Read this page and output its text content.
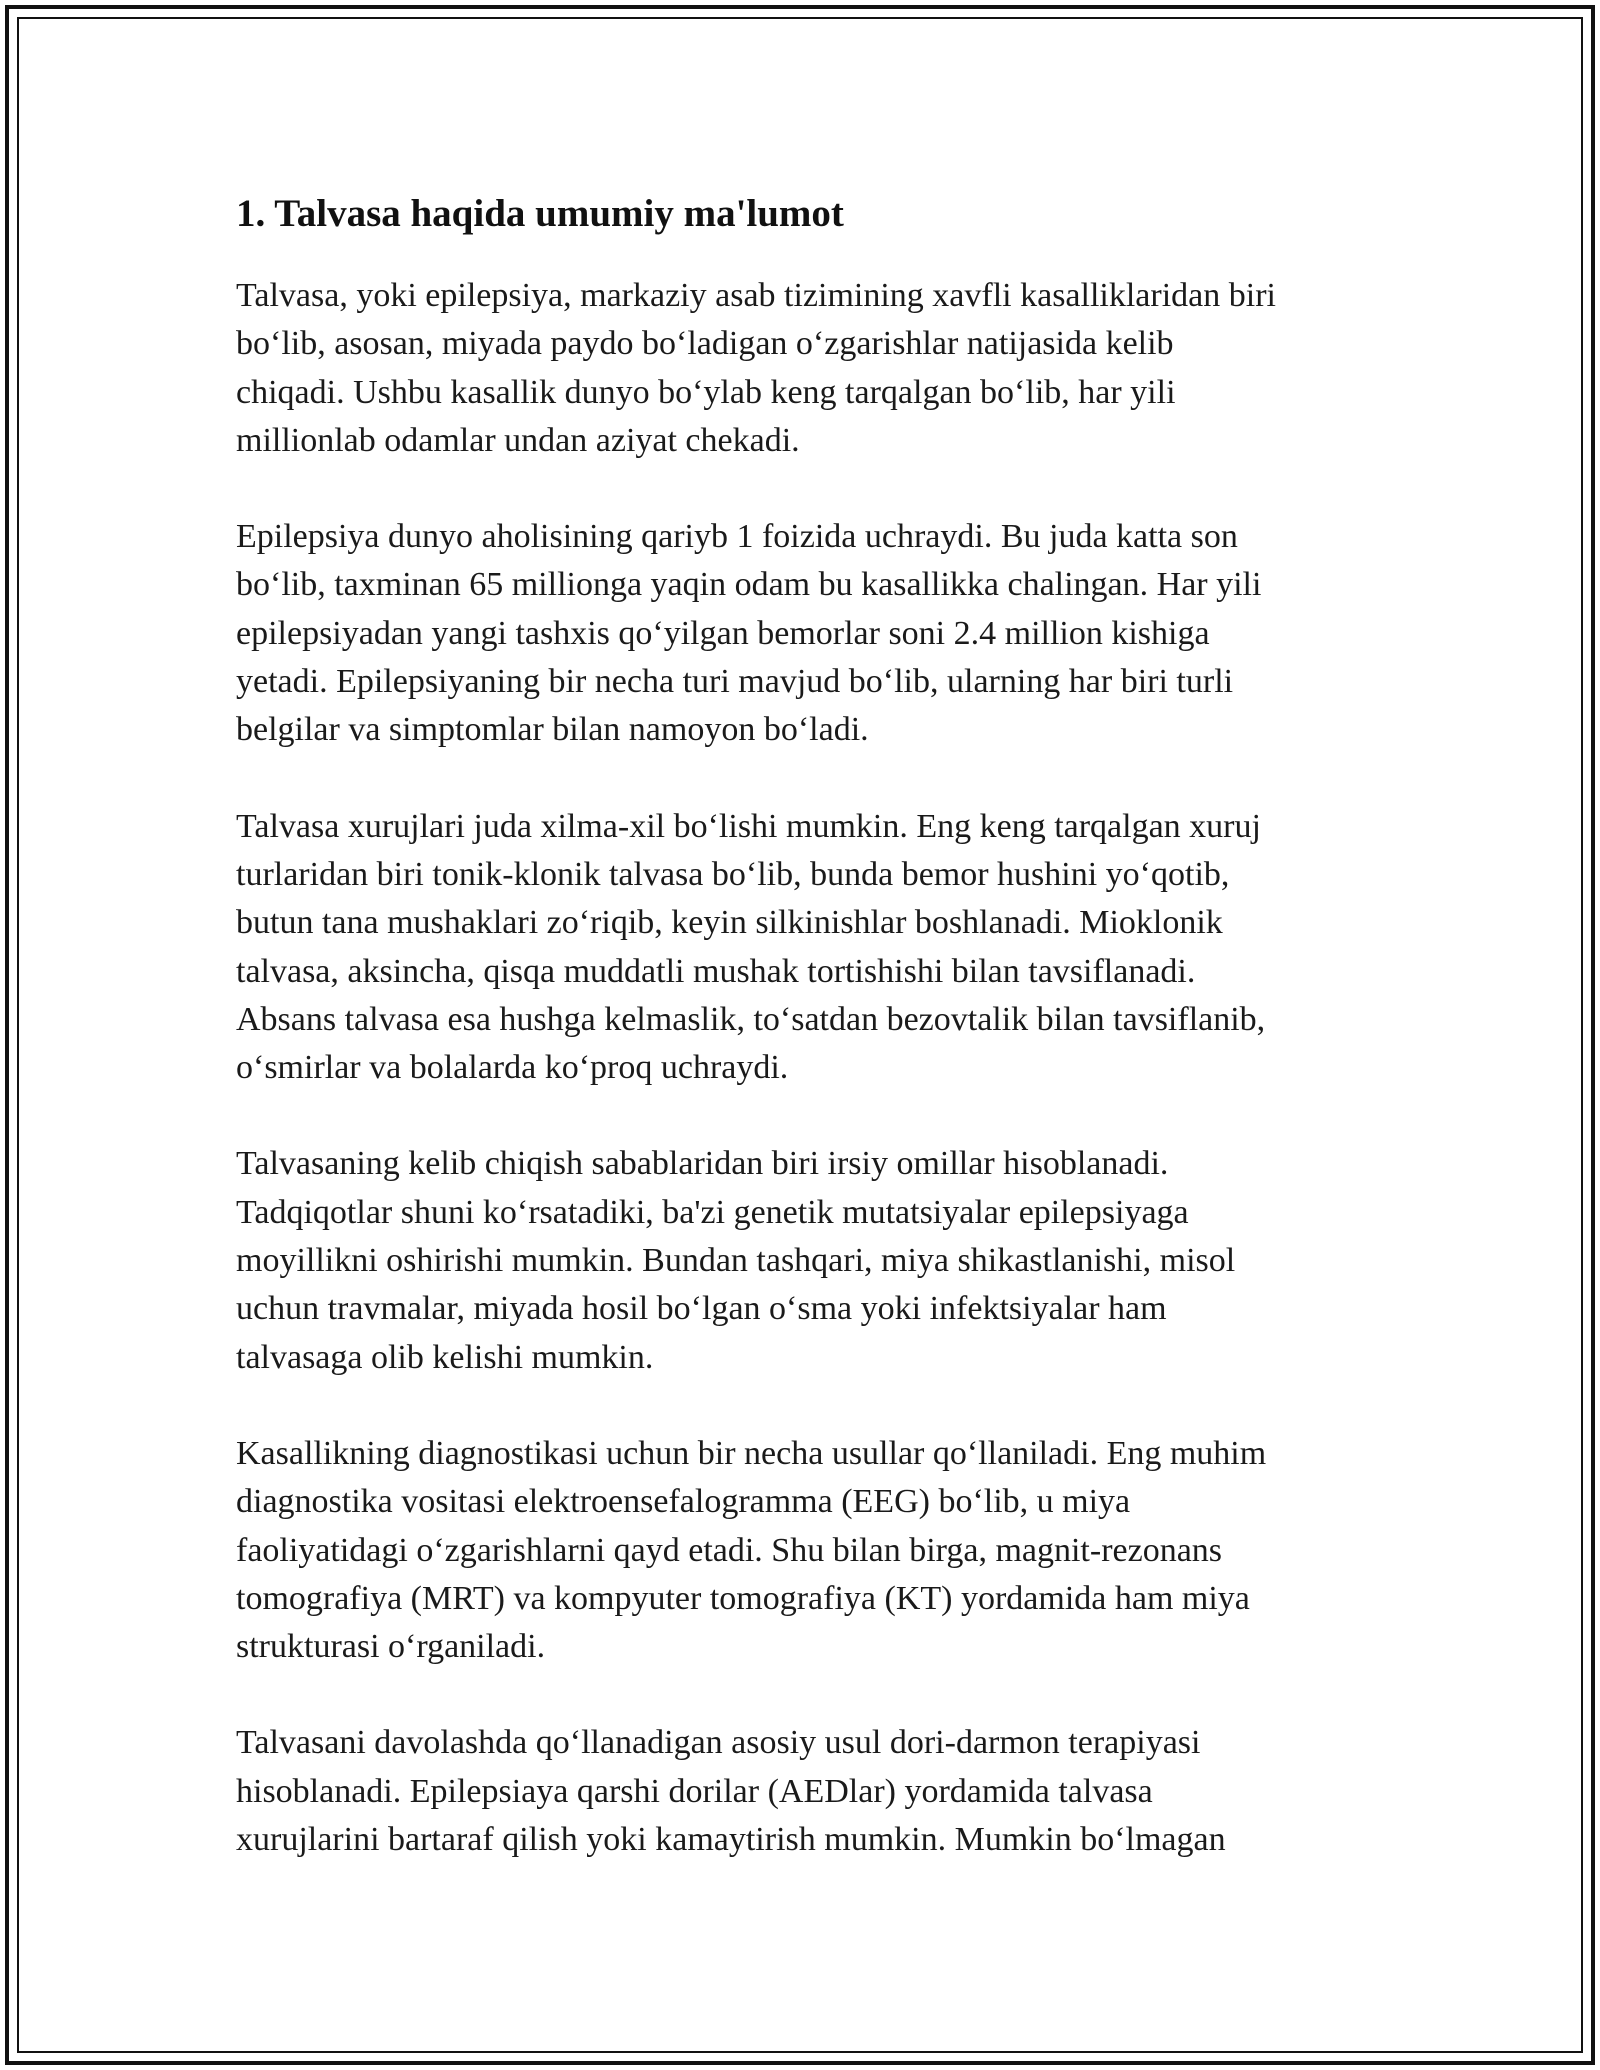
1. Talvasa haqida umumiy ma'lumot

Talvasa, yoki epilepsiya, markaziy asab tizimining xavfli kasalliklaridan biri
bo‘lib, asosan, miyada paydo bo‘ladigan o‘zgarishlar natijasida kelib
chiqadi. Ushbu kasallik dunyo bo‘ylab keng tarqalgan bo‘lib, har yili
millionlab odamlar undan aziyat chekadi.

Epilepsiya dunyo aholisining qariyb 1 foizida uchraydi. Bu juda katta son
bo‘lib, taxminan 65 millionga yaqin odam bu kasallikka chalingan. Har yili
epilepsiyadan yangi tashxis qo‘yilgan bemorlar soni 2.4 million kishiga
yetadi. Epilepsiyaning bir necha turi mavjud bo‘lib, ularning har biri turli
belgilar va simptomlar bilan namoyon bo‘ladi.

Talvasa xurujlari juda xilma-xil bo‘lishi mumkin. Eng keng tarqalgan xuruj
turlaridan biri tonik-klonik talvasa bo‘lib, bunda bemor hushini yo‘qotib,
butun tana mushaklari zo‘riqib, keyin silkinishlar boshlanadi. Mioklonik
talvasa, aksincha, qisqa muddatli mushak tortishishi bilan tavsiflanadi.
Absans talvasa esa hushga kelmaslik, to‘satdan bezovtalik bilan tavsiflanib,
o‘smirlar va bolalarda ko‘proq uchraydi.

Talvasaning kelib chiqish sabablaridan biri irsiy omillar hisoblanadi.
Tadqiqotlar shuni ko‘rsatadiki, ba'zi genetik mutatsiyalar epilepsiyaga
moyillikni oshirishi mumkin. Bundan tashqari, miya shikastlanishi, misol
uchun travmalar, miyada hosil bo‘lgan o‘sma yoki infektsiyalar ham
talvasaga olib kelishi mumkin.

Kasallikning diagnostikasi uchun bir necha usullar qo‘llaniladi. Eng muhim
diagnostika vositasi elektroensefalogramma (EEG) bo‘lib, u miya
faoliyatidagi o‘zgarishlarni qayd etadi. Shu bilan birga, magnit-rezonans
tomografiya (MRT) va kompyuter tomografiya (KT) yordamida ham miya
strukturasi o‘rganiladi.

Talvasani davolashda qo‘llanadigan asosiy usul dori-darmon terapiyasi
hisoblanadi. Epilepsiaya qarshi dorilar (AEDlar) yordamida talvasa
xurujlarini bartaraf qilish yoki kamaytirish mumkin. Mumkin bo‘lmagan
